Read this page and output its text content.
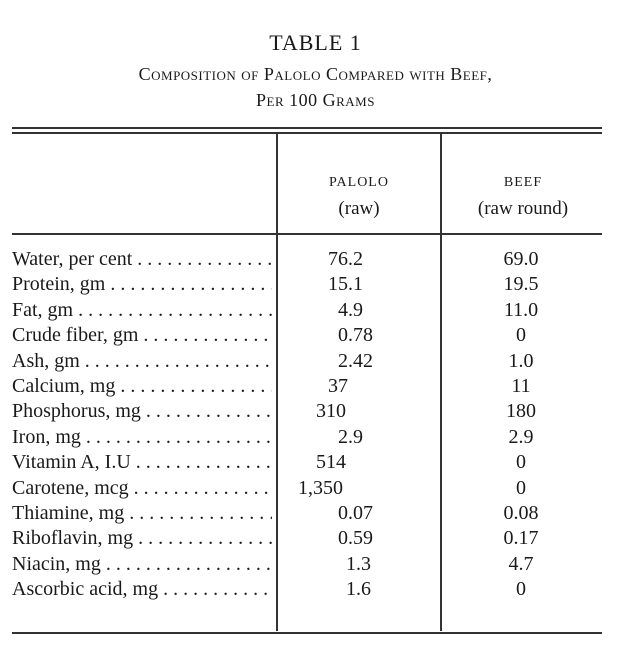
TABLE 1
Composition of Palolo Compared with Beef,
Per 100 Grams
PALOLO
(raw)
BEEF
(raw round)
Water, per cent . . .	76.2	69.0
Protein, gm . . .	15.1	19.5
Fat, gm . . .	4.9	11.0
Crude fiber, gm . . .	0.78	0
Ash, gm . . .	2.42	1.0
Calcium, mg . . .	37	11
Phosphorus, mg . . .	310	180
Iron, mg . . .	2.9	2.9
Vitamin A, I.U . . .	514	0
Carotene, mcg . . .	1,350	0
Thiamine, mg . . .	0.07	0.08
Riboflavin, mg . . .	0.59	0.17
Niacin, mg . . .	1.3	4.7
Ascorbic acid, mg . . .	1.6	0
